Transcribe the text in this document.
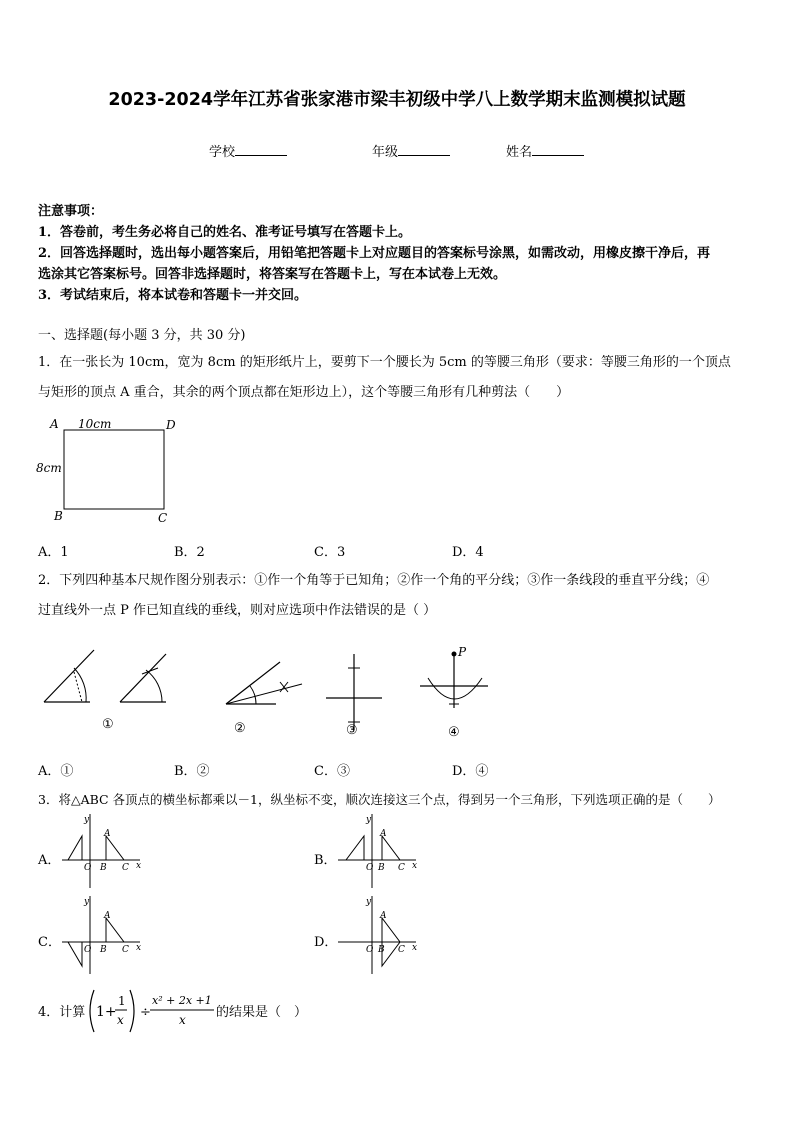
2023-2024学年江苏省张家港市梁丰初级中学八上数学期末监测模拟试题
学校	年级	姓名
注意事项：
1．答卷前，考生务必将自己的姓名、准考证号填写在答题卡上。
2．回答选择题时，选出每小题答案后，用铅笔把答题卡上对应题目的答案标号涂黑，如需改动，用橡皮擦干净后，再
选涂其它答案标号。回答非选择题时，将答案写在答题卡上，写在本试卷上无效。
3．考试结束后，将本试卷和答题卡一并交回。
一、选择题(每小题 3 分，共 30 分)
1．在一张长为 10cm，宽为 8cm 的矩形纸片上，要剪下一个腰长为 5cm 的等腰三角形（要求：等腰三角形的一个顶点
与矩形的顶点 A 重合，其余的两个顶点都在矩形边上），这个等腰三角形有几种剪法（　　）
A 10cm	D
8cm
B	C
A．1	B．2	C．3	D．4
2．下列四种基本尺规作图分别表示：①作一个角等于已知角；②作一个角的平分线；③作一条线段的垂直平分线；④
过直线外一点 P 作已知直线的垂线，则对应选项中作法错误的是（ ）
①	②	③
P
④
A．①	B．②	C．③	D．④
3．将△ABC 各顶点的横坐标都乘以－1，纵坐标不变，顺次连接这三个点，得到另一个三角形，下列选项正确的是（　　）
A．	B．
C．	D．
y
x
O
A
B C
y
x
O
A
B C
y
x
O
A
B C
y
x
O
A
B C
4．计算 1+
1
x ÷
x² + 2x +1
x 的结果是（　）
